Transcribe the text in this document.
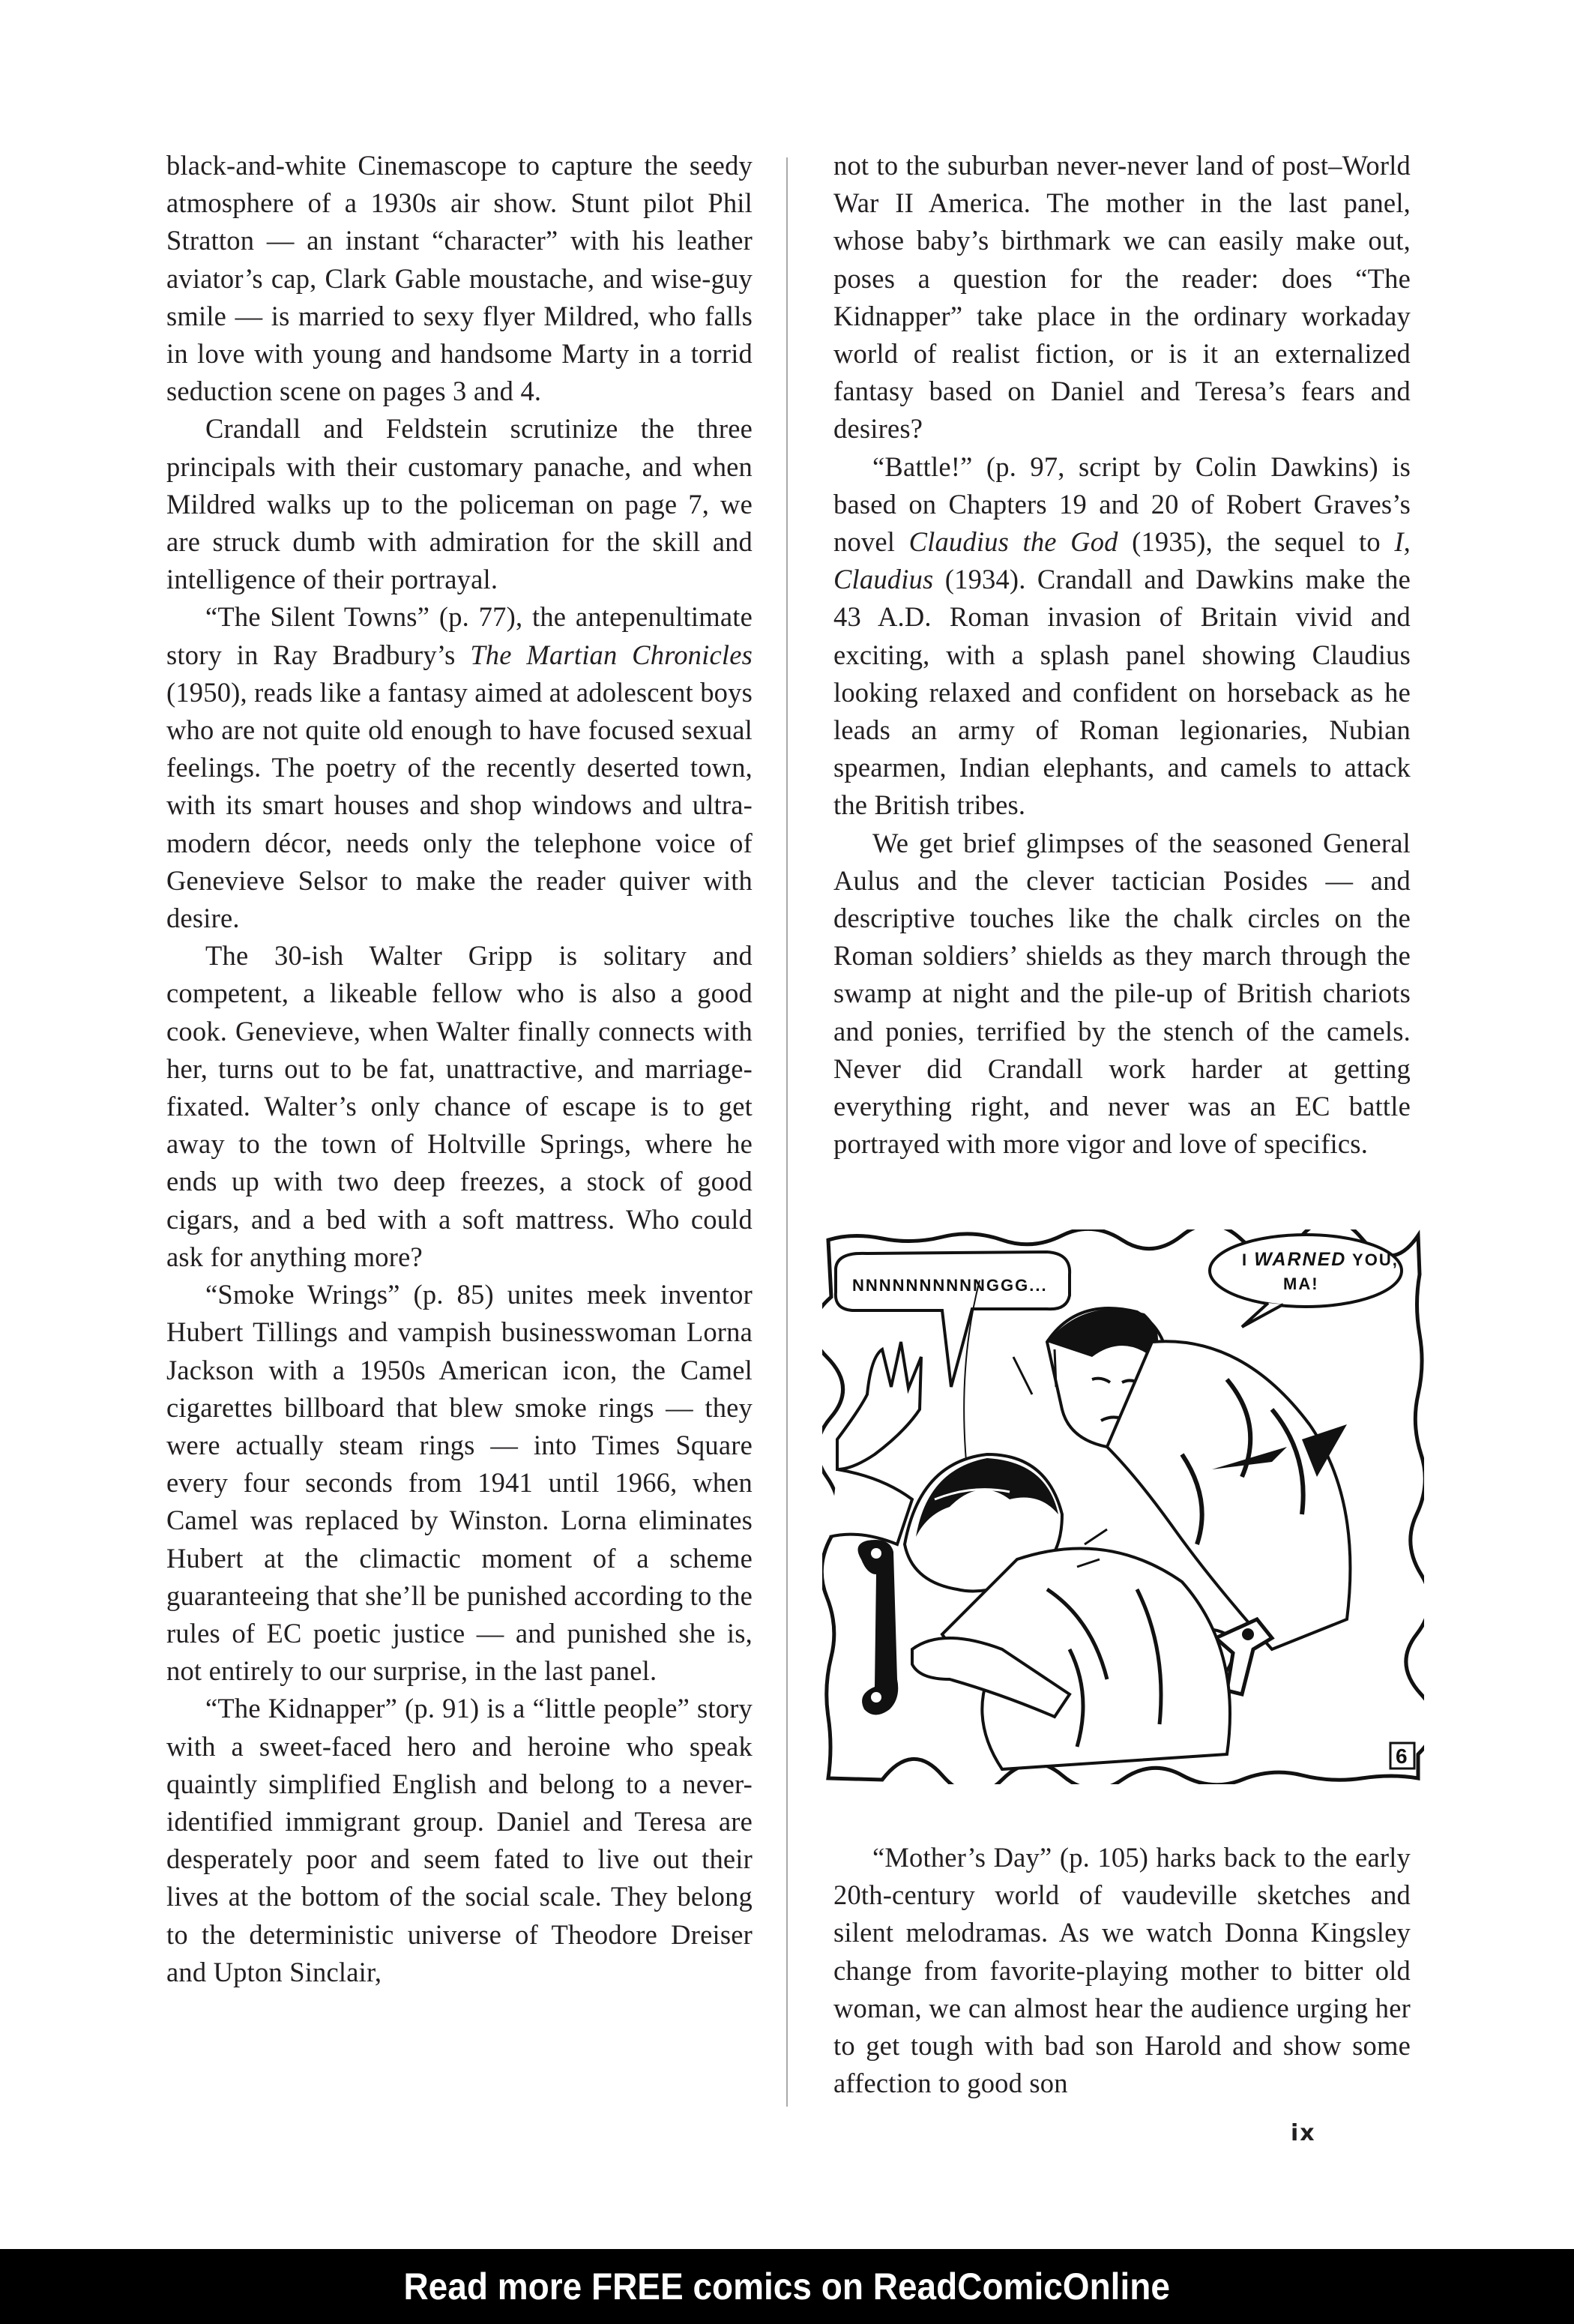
black-and-white Cinemascope to capture the seedy atmosphere of a 1930s air show. Stunt pilot Phil Stratton — an instant “character” with his leather aviator’s cap, Clark Gable moustache, and wise-guy smile — is married to sexy flyer Mildred, who falls in love with young and handsome Marty in a torrid seduction scene on pages 3 and 4.

Crandall and Feldstein scrutinize the three principals with their customary panache, and when Mildred walks up to the policeman on page 7, we are struck dumb with admiration for the skill and intelligence of their portrayal.

“The Silent Towns” (p. 77), the antepenultimate story in Ray Bradbury’s The Martian Chronicles (1950), reads like a fantasy aimed at adolescent boys who are not quite old enough to have focused sexual feelings. The poetry of the recently deserted town, with its smart houses and shop windows and ultra-modern décor, needs only the telephone voice of Genevieve Selsor to make the reader quiver with desire.

The 30-ish Walter Gripp is solitary and competent, a likeable fellow who is also a good cook. Genevieve, when Walter finally connects with her, turns out to be fat, unattractive, and marriage-fixated. Walter’s only chance of escape is to get away to the town of Holtville Springs, where he ends up with two deep freezes, a stock of good cigars, and a bed with a soft mattress. Who could ask for anything more?

“Smoke Wrings” (p. 85) unites meek inventor Hubert Tillings and vampish businesswoman Lorna Jackson with a 1950s American icon, the Camel cigarettes billboard that blew smoke rings — they were actually steam rings — into Times Square every four seconds from 1941 until 1966, when Camel was replaced by Winston. Lorna eliminates Hubert at the climactic moment of a scheme guaranteeing that she’ll be punished according to the rules of EC poetic justice — and punished she is, not entirely to our surprise, in the last panel.

“The Kidnapper” (p. 91) is a “little people” story with a sweet-faced hero and heroine who speak quaintly simplified English and belong to a never-identified immigrant group. Daniel and Teresa are desperately poor and seem fated to live out their lives at the bottom of the social scale. They belong to the deterministic universe of Theodore Dreiser and Upton Sinclair,

not to the suburban never-never land of post–World War II America. The mother in the last panel, whose baby’s birthmark we can easily make out, poses a question for the reader: does “The Kidnapper” take place in the ordinary workaday world of realist fiction, or is it an externalized fantasy based on Daniel and Teresa’s fears and desires?

“Battle!” (p. 97, script by Colin Dawkins) is based on Chapters 19 and 20 of Robert Graves’s novel Claudius the God (1935), the sequel to I, Claudius (1934). Crandall and Dawkins make the 43 A.D. Roman invasion of Britain vivid and exciting, with a splash panel showing Claudius looking relaxed and confident on horseback as he leads an army of Roman legionaries, Nubian spearmen, Indian elephants, and camels to attack the British tribes.

We get brief glimpses of the seasoned General Aulus and the clever tactician Posides — and descriptive touches like the chalk circles on the Roman soldiers’ shields as they march through the swamp at night and the pile-up of British chariots and ponies, terrified by the stench of the camels. Never did Crandall work harder at getting everything right, and never was an EC battle portrayed with more vigor and love of specifics.

NNNNNNNNNNGGG...
I WARNED YOU,
MA!
6

“Mother’s Day” (p. 105) harks back to the early 20th-century world of vaudeville sketches and silent melodramas. As we watch Donna Kingsley change from favorite-playing mother to bitter old woman, we can almost hear the audience urging her to get tough with bad son Harold and show some affection to good son

ix
Read more FREE comics on ReadComicOnline
